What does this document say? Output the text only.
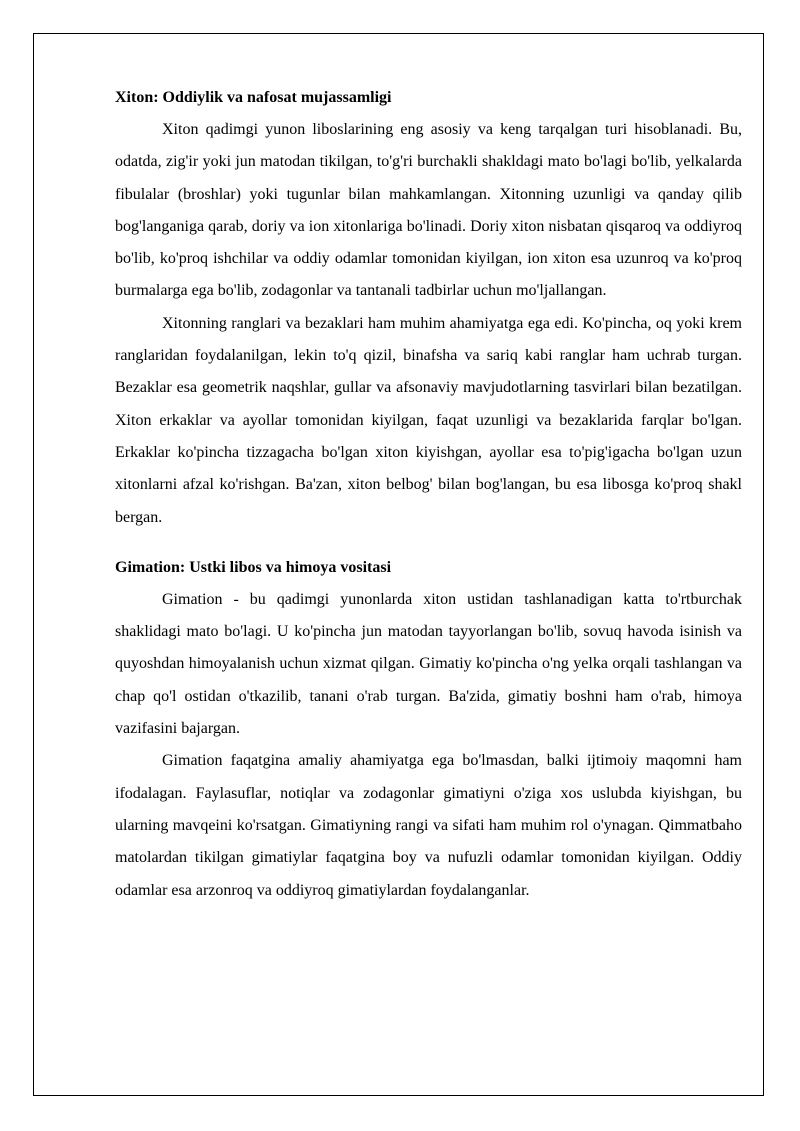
Xiton: Oddiylik va nafosat mujassamligi

Xiton qadimgi yunon liboslarining eng asosiy va keng tarqalgan turi hisoblanadi. Bu, odatda, zig'ir yoki jun matodan tikilgan, to'g'ri burchakli shakldagi mato bo'lagi bo'lib, yelkalarda fibulalar (broshlar) yoki tugunlar bilan mahkamlangan. Xitonning uzunligi va qanday qilib bog'langaniga qarab, doriy va ion xitonlariga bo'linadi. Doriy xiton nisbatan qisqaroq va oddiyroq bo'lib, ko'proq ishchilar va oddiy odamlar tomonidan kiyilgan, ion xiton esa uzunroq va ko'proq burmalarga ega bo'lib, zodagonlar va tantanali tadbirlar uchun mo'ljallangan.

Xitonning ranglari va bezaklari ham muhim ahamiyatga ega edi. Ko'pincha, oq yoki krem ranglaridan foydalanilgan, lekin to'q qizil, binafsha va sariq kabi ranglar ham uchrab turgan. Bezaklar esa geometrik naqshlar, gullar va afsonaviy mavjudotlarning tasvirlari bilan bezatilgan. Xiton erkaklar va ayollar tomonidan kiyilgan, faqat uzunligi va bezaklarida farqlar bo'lgan. Erkaklar ko'pincha tizzagacha bo'lgan xiton kiyishgan, ayollar esa to'pig'igacha bo'lgan uzun xitonlarni afzal ko'rishgan. Ba'zan, xiton belbog' bilan bog'langan, bu esa libosga ko'proq shakl bergan.

Gimation: Ustki libos va himoya vositasi

Gimation - bu qadimgi yunonlarda xiton ustidan tashlanadigan katta to'rtburchak shaklidagi mato bo'lagi. U ko'pincha jun matodan tayyorlangan bo'lib, sovuq havoda isinish va quyoshdan himoyalanish uchun xizmat qilgan. Gimatiy ko'pincha o'ng yelka orqali tashlangan va chap qo'l ostidan o'tkazilib, tanani o'rab turgan. Ba'zida, gimatiy boshni ham o'rab, himoya vazifasini bajargan.

Gimation faqatgina amaliy ahamiyatga ega bo'lmasdan, balki ijtimoiy maqomni ham ifodalagan. Faylasuflar, notiqlar va zodagonlar gimatiyni o'ziga xos uslubda kiyishgan, bu ularning mavqeini ko'rsatgan. Gimatiyning rangi va sifati ham muhim rol o'ynagan. Qimmatbaho matolardan tikilgan gimatiylar faqatgina boy va nufuzli odamlar tomonidan kiyilgan. Oddiy odamlar esa arzonroq va oddiyroq gimatiylardan foydalanganlar.
